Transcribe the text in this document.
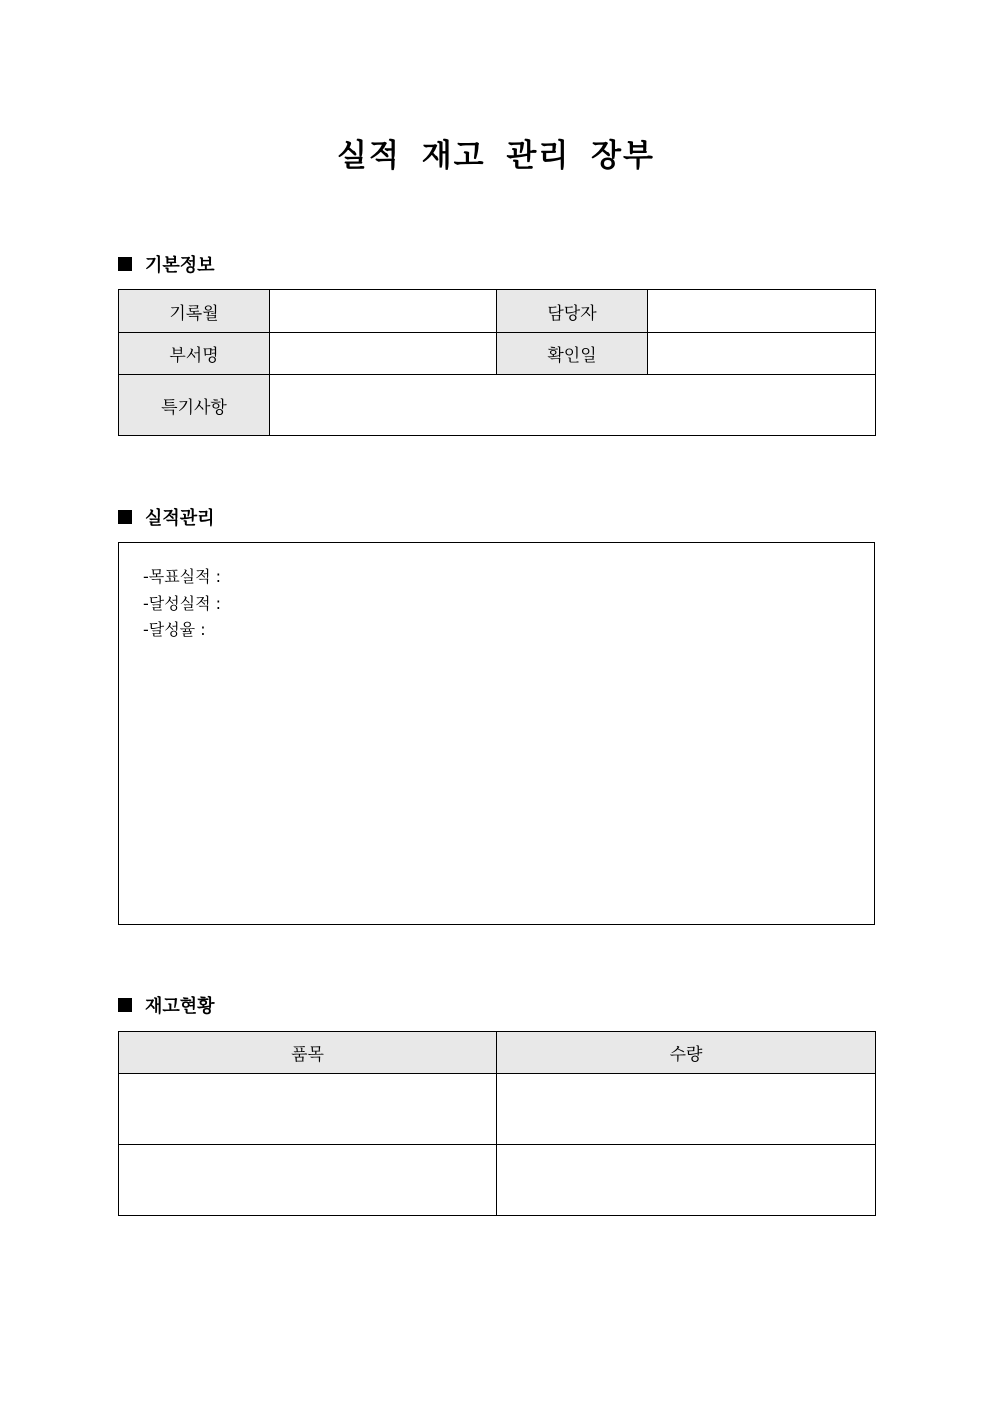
실적 재고 관리 장부
기본정보
기록월		담당자	
부서명		확인일	
특기사항			
실적관리
-목표실적 :
-달성실적 :
-달성율 :
재고현황
품목	수량
